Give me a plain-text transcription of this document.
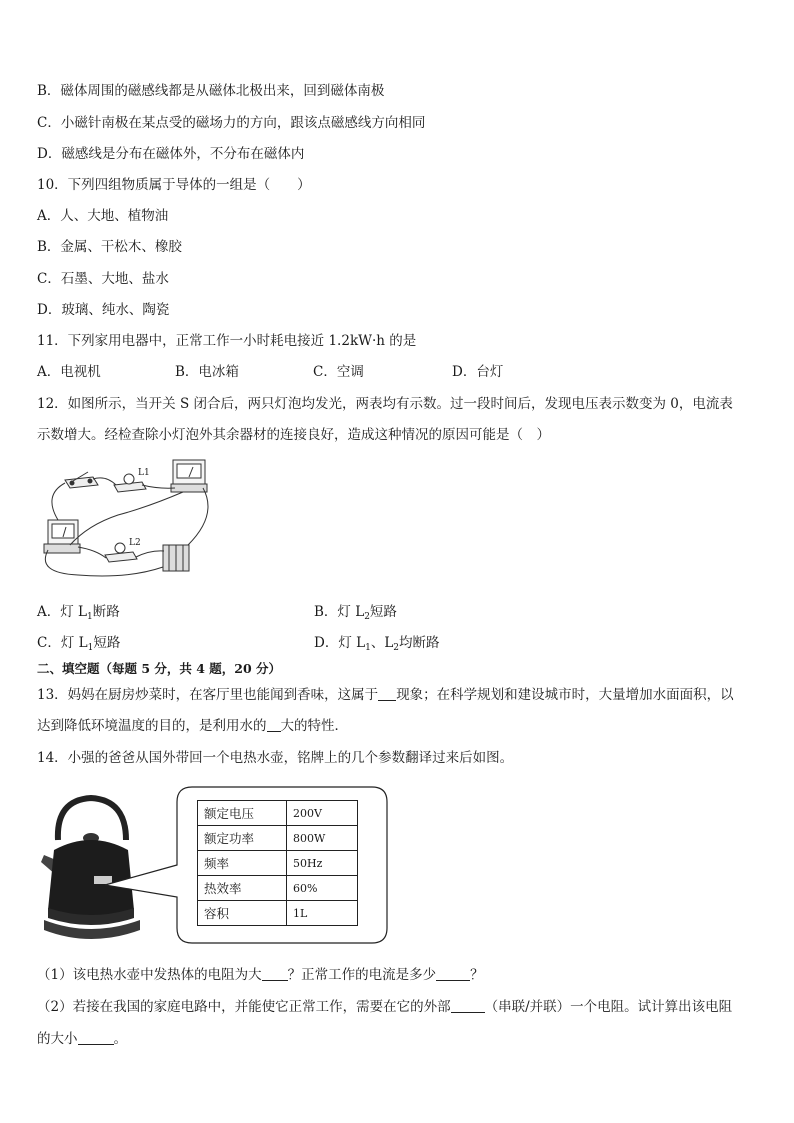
B．磁体周围的磁感线都是从磁体北极出来，回到磁体南极
C．小磁针南极在某点受的磁场力的方向，跟该点磁感线方向相同
D．磁感线是分布在磁体外，不分布在磁体内
10．下列四组物质属于导体的一组是（　　）
A．人、大地、植物油
B．金属、干松木、橡胶
C．石墨、大地、盐水
D．玻璃、纯水、陶瓷
11．下列家用电器中，正常工作一小时耗电接近 1.2kW·h 的是
A．电视机	B．电冰箱	C．空调	D．台灯
12．如图所示，当开关 S 闭合后，两只灯泡均发光，两表均有示数。过一段时间后，发现电压表示数变为 0，电流表
示数增大。经检查除小灯泡外其余器材的连接良好，造成这种情况的原因可能是（　）
L1
L2
A．灯 $L_1$断路	B．灯 $L_2$短路
C．灯 $L_1$短路	D．灯 $L_1$、$L_2$均断路
二、填空题（每题 5 分，共 4 题，20 分）
13．妈妈在厨房炒菜时，在客厅里也能闻到香味，这属于 现象；在科学规划和建设城市时，大量增加水面面积，以
达到降低环境温度的目的，是利用水的 大的特性．
14．小强的爸爸从国外带回一个电热水壶，铭牌上的几个参数翻译过来后如图。
额定电压	200V
额定功率	800W
频率	50Hz
热效率	60%
容积	1L
（1）该电热水壶中发热体的电阻为大 ？正常工作的电流是多少	？
（2）若接在我国的家庭电路中，并能使它正常工作，需要在它的外部	（串联/并联）一个电阻。试计算出该电阻
的大小	。
